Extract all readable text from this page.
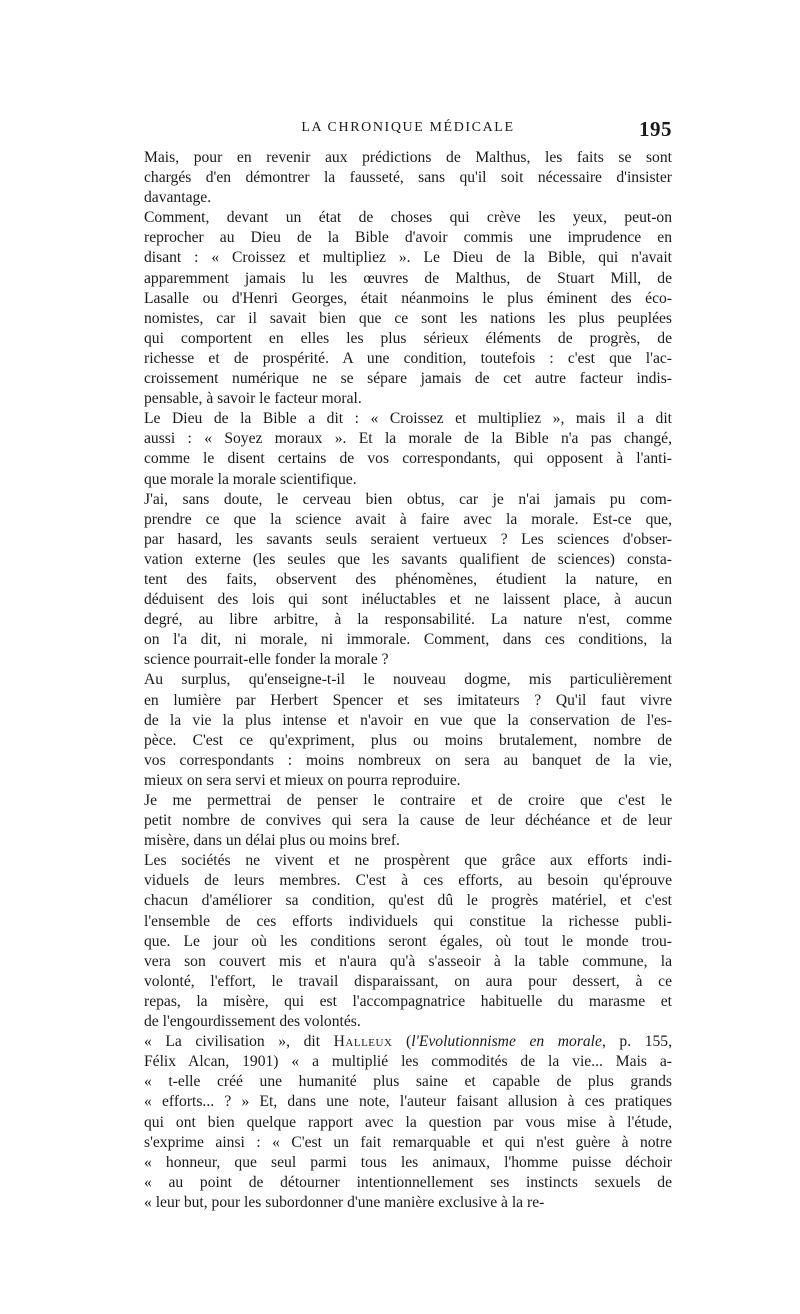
LA CHRONIQUE MÉDICALE	195

Mais, pour en revenir aux prédictions de Malthus, les faits se sont
chargés d'en démontrer la fausseté, sans qu'il soit nécessaire d'insister
davantage.

Comment, devant un état de choses qui crève les yeux, peut-on
reprocher au Dieu de la Bible d'avoir commis une imprudence en
disant : « Croissez et multipliez ». Le Dieu de la Bible, qui n'avait
apparemment jamais lu les œuvres de Malthus, de Stuart Mill, de
Lasalle ou d'Henri Georges, était néanmoins le plus éminent des éco-
nomistes, car il savait bien que ce sont les nations les plus peuplées
qui comportent en elles les plus sérieux éléments de progrès, de
richesse et de prospérité. A une condition, toutefois : c'est que l'ac-
croissement numérique ne se sépare jamais de cet autre facteur indis-
pensable, à savoir le facteur moral.

Le Dieu de la Bible a dit : « Croissez et multipliez », mais il a dit
aussi : « Soyez moraux ». Et la morale de la Bible n'a pas changé,
comme le disent certains de vos correspondants, qui opposent à l'anti-
que morale la morale scientifique.

J'ai, sans doute, le cerveau bien obtus, car je n'ai jamais pu com-
prendre ce que la science avait à faire avec la morale. Est-ce que,
par hasard, les savants seuls seraient vertueux ? Les sciences d'obser-
vation externe (les seules que les savants qualifient de sciences) consta-
tent des faits, observent des phénomènes, étudient la nature, en
déduisent des lois qui sont inéluctables et ne laissent place, à aucun
degré, au libre arbitre, à la responsabilité. La nature n'est, comme
on l'a dit, ni morale, ni immorale. Comment, dans ces conditions, la
science pourrait-elle fonder la morale ?

Au surplus, qu'enseigne-t-il le nouveau dogme, mis particulièrement
en lumière par Herbert Spencer et ses imitateurs ? Qu'il faut vivre
de la vie la plus intense et n'avoir en vue que la conservation de l'es-
pèce. C'est ce qu'expriment, plus ou moins brutalement, nombre de
vos correspondants : moins nombreux on sera au banquet de la vie,
mieux on sera servi et mieux on pourra reproduire.

Je me permettrai de penser le contraire et de croire que c'est le
petit nombre de convives qui sera la cause de leur déchéance et de leur
misère, dans un délai plus ou moins bref.

Les sociétés ne vivent et ne prospèrent que grâce aux efforts indi-
viduels de leurs membres. C'est à ces efforts, au besoin qu'éprouve
chacun d'améliorer sa condition, qu'est dû le progrès matériel, et c'est
l'ensemble de ces efforts individuels qui constitue la richesse publi-
que. Le jour où les conditions seront égales, où tout le monde trou-
vera son couvert mis et n'aura qu'à s'asseoir à la table commune, la
volonté, l'effort, le travail disparaissant, on aura pour dessert, à ce
repas, la misère, qui est l'accompagnatrice habituelle du marasme et
de l'engourdissement des volontés.

« La civilisation », dit Halleux (l'Evolutionnisme en morale, p. 155,
Félix Alcan, 1901) « a multiplié les commodités de la vie... Mais a-
« t-elle créé une humanité plus saine et capable de plus grands
« efforts... ? » Et, dans une note, l'auteur faisant allusion à ces pratiques
qui ont bien quelque rapport avec la question par vous mise à l'étude,
s'exprime ainsi : « C'est un fait remarquable et qui n'est guère à notre
« honneur, que seul parmi tous les animaux, l'homme puisse déchoir
« au point de détourner intentionnellement ses instincts sexuels de
« leur but, pour les subordonner d'une manière exclusive à la re-
